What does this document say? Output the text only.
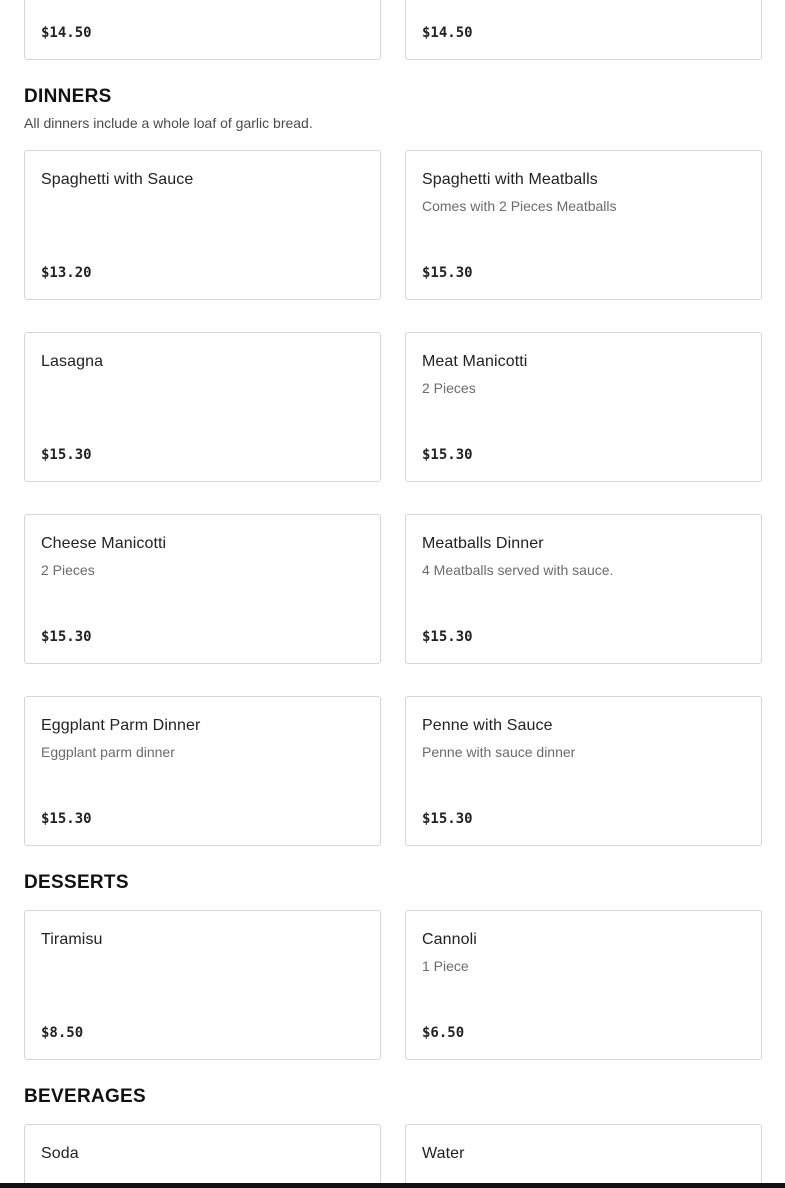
$14.50	$14.50
DINNERS
All dinners include a whole loaf of garlic bread.
Spaghetti with Sauce
$13.20
Spaghetti with Meatballs
Comes with 2 Pieces Meatballs
$15.30
Lasagna
$15.30
Meat Manicotti
2 Pieces
$15.30
Cheese Manicotti
2 Pieces
$15.30
Meatballs Dinner
4 Meatballs served with sauce.
$15.30
Eggplant Parm Dinner
Eggplant parm dinner
$15.30
Penne with Sauce
Penne with sauce dinner
$15.30
DESSERTS
Tiramisu
$8.50
Cannoli
1 Piece
$6.50
BEVERAGES
Soda	Water
